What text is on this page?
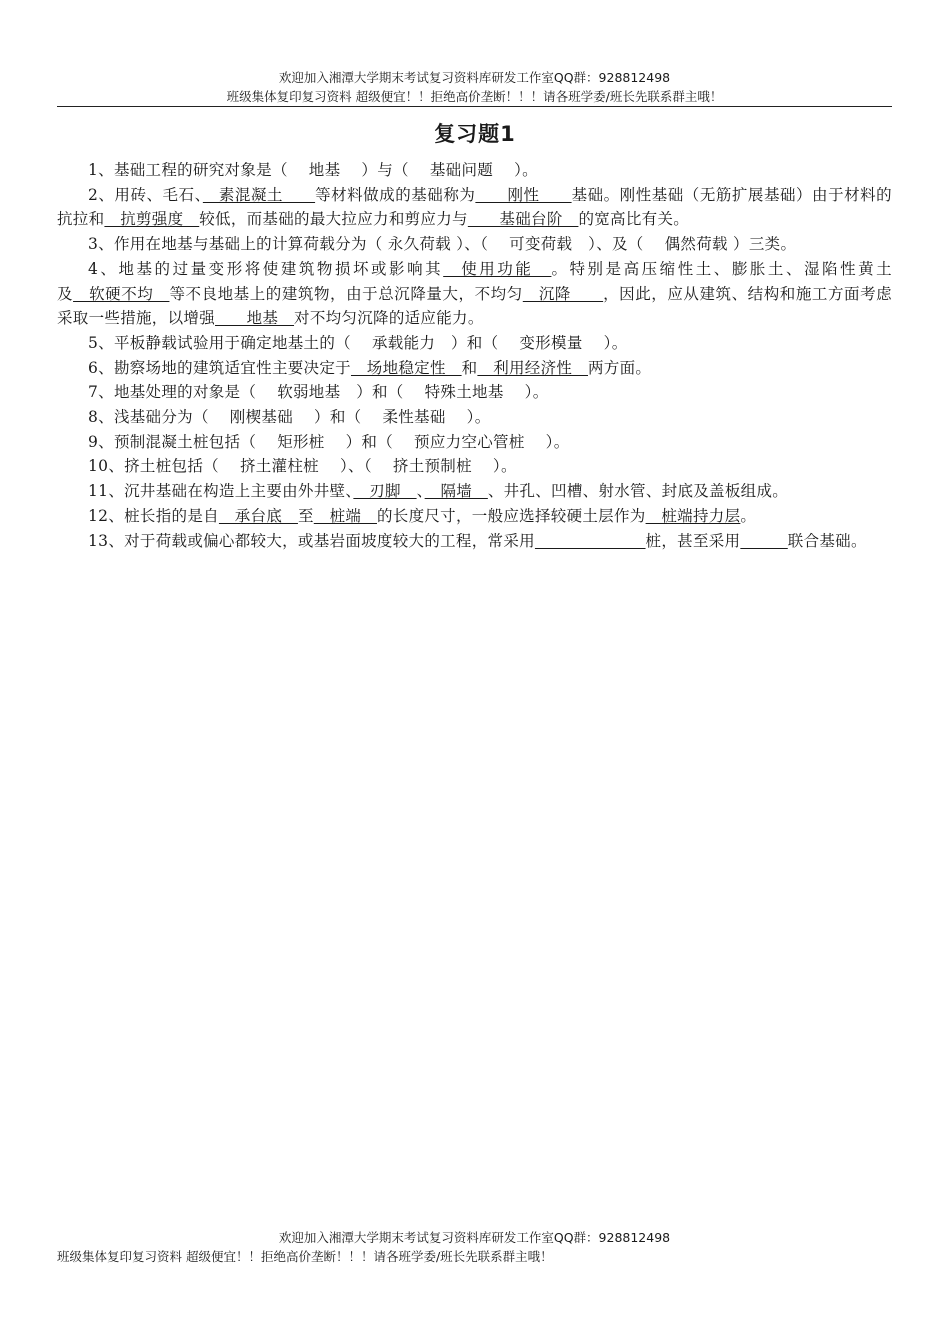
欢迎加入湘潭大学期末考试复习资料库研发工作室QQ群：928812498
班级集体复印复习资料 超级便宜！！拒绝高价垄断！！！请各班学委/班长先联系群主哦！
复习题1

1、基础工程的研究对象是（　 地基　 ）与（　 基础问题　 ）。

2、用砖、毛石、　素混凝土　　等材料做成的基础称为　　刚性　　基础。刚性基础（无筋扩展基础）由于材料的抗拉和　抗剪强度　较低，而基础的最大拉应力和剪应力与　　基础台阶　的宽高比有关。

3、作用在地基与基础上的计算荷载分为（ 永久荷载 ）、（　 可变荷载　）、及（　 偶然荷载 ）三类。

4、地基的过量变形将使建筑物损坏或影响其　使用功能　。特别是高压缩性土、膨胀土、湿陷性黄土及　软硬不均　等不良地基上的建筑物，由于总沉降量大，不均匀　沉降　　，因此，应从建筑、结构和施工方面考虑采取一些措施，以增强　　地基　对不均匀沉降的适应能力。

5、平板静载试验用于确定地基土的（　 承载能力　）和（　 变形模量　 ）。

6、勘察场地的建筑适宜性主要决定于　场地稳定性　和　利用经济性　两方面。

7、地基处理的对象是（　 软弱地基　）和（　 特殊土地基　 ）。

8、浅基础分为（　 刚楔基础　 ）和（　 柔性基础　 ）。

9、预制混凝土桩包括（　 矩形桩　 ）和（　 预应力空心管桩　 ）。

10、挤土桩包括（　 挤土灌柱桩　 ）、（　 挤土预制桩　 ）。

11、沉井基础在构造上主要由外井壁、　刃脚　、　隔墙　、井孔、凹槽、射水管、封底及盖板组成。

12、桩长指的是自　承台底　至　桩端　的长度尺寸，一般应选择较硬土层作为　桩端持力层。

13、对于荷载或偏心都较大，或基岩面坡度较大的工程，常采用　　　　　　　	桩，甚至采用　　　	联合基础。

欢迎加入湘潭大学期末考试复习资料库研发工作室QQ群：928812498
班级集体复印复习资料 超级便宜！！拒绝高价垄断！！！请各班学委/班长先联系群主哦！
